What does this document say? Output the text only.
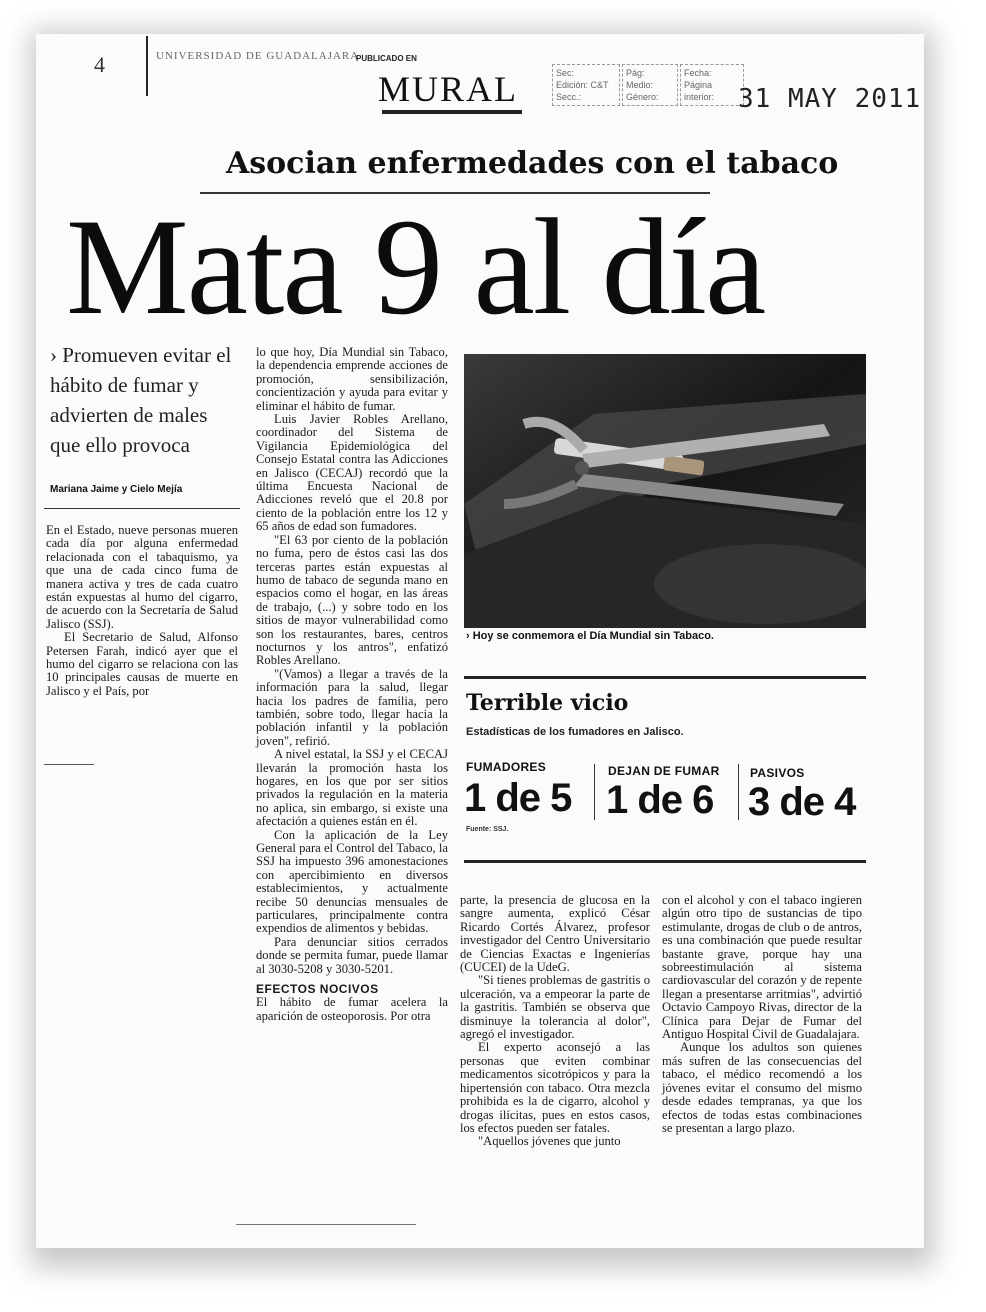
4	UNIVERSIDAD DE GUADALAJARA
PUBLICADO EN
MURAL	Sec:
Edición: C&T
Secc.:
Pág:
Medio:
Género:
Fecha:
Página interior: 31 MAY 2011
Asocian enfermedades con el tabaco
Mata 9 al día
› Promueven evitar el hábito de fumar y advierten de males que ello provoca
Mariana Jaime y Cielo Mejía

En el Estado, nueve personas mueren cada día por alguna enfermedad relacionada con el tabaquismo, ya que una de cada cinco fuma de manera activa y tres de cada cuatro están expuestas al humo del cigarro, de acuerdo con la Secretaría de Salud Jalisco (SSJ).

El Secretario de Salud, Alfonso Petersen Farah, indicó ayer que el humo del cigarro se relaciona con las 10 principales causas de muerte en Jalisco y el País, por

lo que hoy, Día Mundial sin Tabaco, la dependencia emprende acciones de promoción, sensibilización, concientización y ayuda para evitar y eliminar el hábito de fumar.

Luis Javier Robles Arellano, coordinador del Sistema de Vigilancia Epidemiológica del Consejo Estatal contra las Adicciones en Jalisco (CECAJ) recordó que la última Encuesta Nacional de Adicciones reveló que el 20.8 por ciento de la población entre los 12 y 65 años de edad son fumadores.

"El 63 por ciento de la población no fuma, pero de éstos casi las dos terceras partes están expuestas al humo de tabaco de segunda mano en espacios como el hogar, en las áreas de trabajo, (...) y sobre todo en los sitios de mayor vulnerabilidad como son los restaurantes, bares, centros nocturnos y los antros", enfatizó Robles Arellano.

"(Vamos) a llegar a través de la información para la salud, llegar hacia los padres de familia, pero también, sobre todo, llegar hacia la población infantil y la población joven", refirió.

A nivel estatal, la SSJ y el CECAJ llevarán la promoción hasta los hogares, en los que por ser sitios privados la regulación en la materia no aplica, sin embargo, si existe una afectación a quienes están en él.

Con la aplicación de la Ley General para el Control del Tabaco, la SSJ ha impuesto 396 amonestaciones con apercibimiento en diversos establecimientos, y actualmente recibe 50 denuncias mensuales de particulares, principalmente contra expendios de alimentos y bebidas.

Para denunciar sitios cerrados donde se permita fumar, puede llamar al 3030-5208 y 3030-5201.

EFECTOS NOCIVOS

El hábito de fumar acelera la aparición de osteoporosis. Por otra

› Hoy se conmemora el Día Mundial sin Tabaco.
Terrible vicio
Estadísticas de los fumadores en Jalisco.
FUMADORES
1 de 5
DEJAN DE FUMAR
1 de 6
PASIVOS
3 de 4
Fuente: SSJ.

parte, la presencia de glucosa en la sangre aumenta, explicó César Ricardo Cortés Álvarez, profesor investigador del Centro Universitario de Ciencias Exactas e Ingenierías (CUCEI) de la UdeG.

"Si tienes problemas de gastritis o ulceración, va a empeorar la parte de la gastritis. También se observa que disminuye la tolerancia al dolor", agregó el investigador.

El experto aconsejó a las personas que eviten combinar medicamentos sicotrópicos y para la hipertensión con tabaco. Otra mezcla prohibida es la de cigarro, alcohol y drogas ilícitas, pues en estos casos, los efectos pueden ser fatales.

"Aquellos jóvenes que junto

con el alcohol y con el tabaco ingieren algún otro tipo de sustancias de tipo estimulante, drogas de club o de antros, es una combinación que puede resultar bastante grave, porque hay una sobreestimulación al sistema cardiovascular del corazón y de repente llegan a presentarse arritmias", advirtió Octavio Campoyo Rivas, director de la Clínica para Dejar de Fumar del Antiguo Hospital Civil de Guadalajara.

Aunque los adultos son quienes más sufren de las consecuencias del tabaco, el médico recomendó a los jóvenes evitar el consumo del mismo desde edades tempranas, ya que los efectos de todas estas combinaciones se presentan a largo plazo.
